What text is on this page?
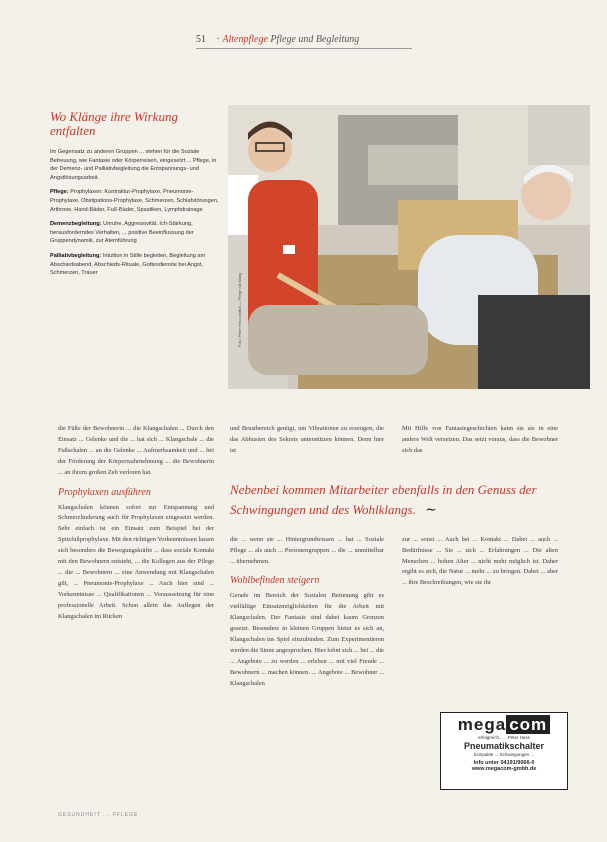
51 · Altenpflege Pflege und Begleitung
Wo Klänge ihre Wirkung entfalten

Im Gegensatz zu anderen Gruppen ... stehen für die Soziale Betreuung, wie Fantasie oder Körperreisen, eingesetzt ... Pflege, in der Demenz- und Palliativbegleitung die Entspannungs- und Angstlösungsarbeit.

Pflege: Prophylaxen: Kontraktur-Prophylaxe, Pneumonie-Prophylaxe, Obstipations-Prophylaxe, Schmerzen, Schlafstörungen, Arthrose, Hand-Bäder, Fuß-Bäder, Spastiken, Lymphdrainage

Demenzbegleitung: Unruhe, Aggressivität, Ich-Stärkung, herausforderndes Verhalten, ... positive Beeinflussung der Gruppendynamik, zur Atemführung

Palliativbegleitung: Intuition in Stille begleiten, Begleitung am Abschiedsabend, Abschieds-Rituale, Gottesdienste bei Angst, Schmerzen, Trauer	Foto: Peter Hess Institut — Pflege mit Klang

die Füße der Bewohnerin ... die Klangschalen ... Durch den Einsatz ... Gelenke und die ... hat sich ... Klangschale ... die Fußschalen ... an die Gelenke ... Aufmerksamkeit und ... bei der Förderung der Körperwahrnehmung ... die Bewohnerin ... an ihrem großen Zeh verloren hat.

Prophylaxen ausführen

Klangschalen können sofort zur Entspannung und Schmerzlinderung auch für Prophylaxen eingesetzt werden. Sehr einfach ist ein Einsatz zum Beispiel bei der Spitzfußprophylaxe. Mit den richtigen Vorkenntnissen lassen sich besonders die Bewegungskräfte ... dass soziale Kontakt mit den Bewohnern entsteht, ... die Kollegen aus der Pflege ... die ... Bewohnern ... eine Anwendung mit Klangschalen gilt, ... Pneumonie-Prophylaxe ... Auch hier sind ... Vorkenntnisse ... Qualifikationen ... Voraussetzung für eine professionelle Arbeit. Schon allein das Auflegen der Klangschalen im Rücken

und Brustbereich genügt, um Vibrationen zu erzeugen, die das Abhusten des Sekrets unterstützen können. Denn hier ist

die ... wenn sie ... Hintergrundwissen ... hat ... Soziale Pflege ... als auch ... Personengruppen ... die ... unmittelbar ... übernehmen.

Wohlbefinden steigern

Gerade im Bereich der Sozialen Betreuung gibt es vielfältige Einsatzmöglichkeiten für die Arbeit mit Klangschalen. Der Fantasie sind dabei kaum Grenzen gesetzt. Besonders in kleinen Gruppen bietet es sich an, Klangschalen ins Spiel einzubinden. Zum Experimentieren werden die Sinne angesprochen. Hier lohnt sich ... bei ... die ... Angebote ... zu werden ... erleben ... mit viel Freude ... Bewohnern ... machen können. ... Angebote ... Bewohner ... Klangschalen

Mit Hilfe von Fantasiegeschichten kann sie sie in eine andere Welt versetzen. Das setzt voraus, dass die Bewohner sich das

zur ... sonst ... Auch bei ... Kontakt ... Dabei ... auch ... Bedürfnisse ... Sie ... sich ... Erfahrungen ... Die alten Menschen ... hohen Alter ... nicht mehr möglich ist. Daher ergibt es sich, die Natur ... mehr ... zu bringen. Dabei ... aber ... ihre Beschreibungen, wie sie ihr

Nebenbei kommen Mitarbeiter ebenfalls in den Genuss der Schwingungen und des Wohlklangs. ∼
mega com
erfolgreich... ...Peter Hess
Pneumatikschalter
kompakte ... Schwingungen ...
Info unter 04191/9066-0
www.megacom-gmbh.de
GESUNDHEIT ... PFLEGE
